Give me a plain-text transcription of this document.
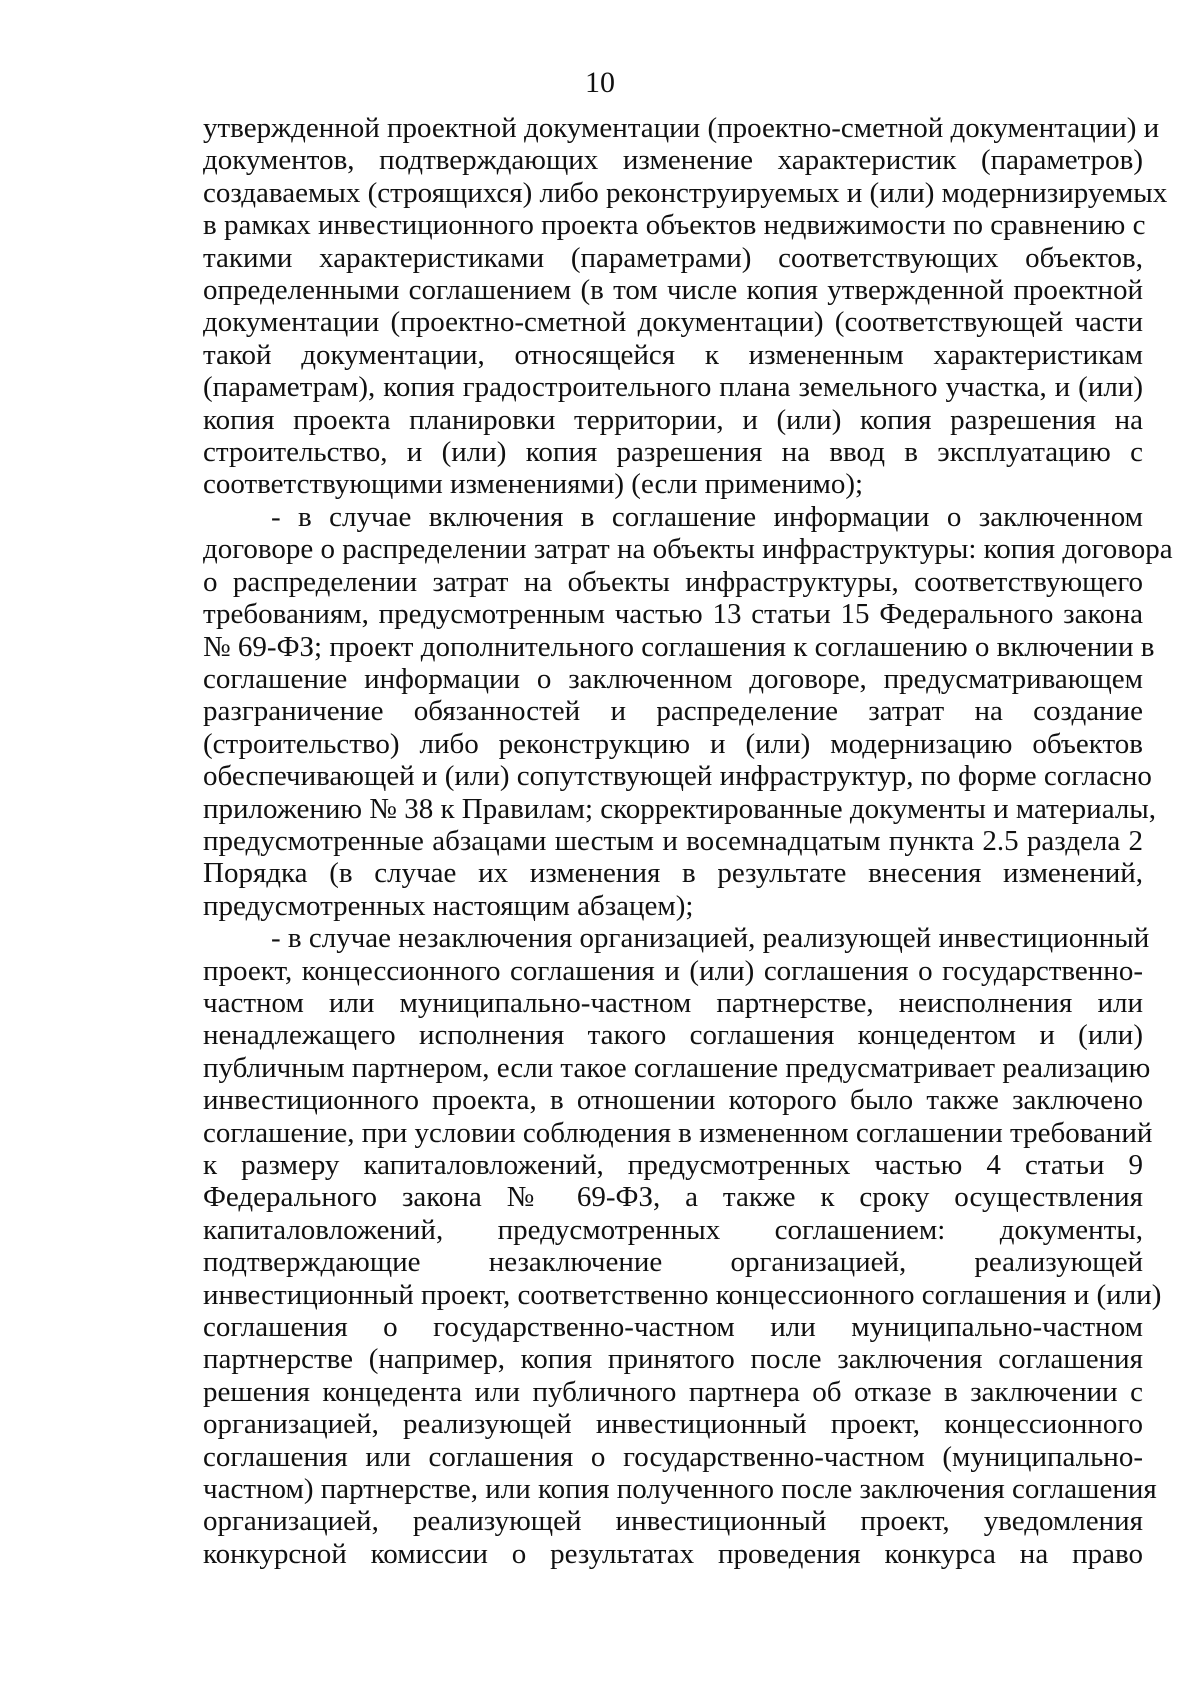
10
утвержденной проектной документации (проектно-сметной документации) и
документов, подтверждающих изменение характеристик (параметров)
создаваемых (строящихся) либо реконструируемых и (или) модернизируемых
в рамках инвестиционного проекта объектов недвижимости по сравнению с
такими характеристиками (параметрами) соответствующих объектов,
определенными соглашением (в том числе копия утвержденной проектной
документации (проектно-сметной документации) (соответствующей части
такой документации, относящейся к измененным характеристикам
(параметрам), копия градостроительного плана земельного участка, и (или)
копия проекта планировки территории, и (или) копия разрешения на
строительство, и (или) копия разрешения на ввод в эксплуатацию с
соответствующими изменениями) (если применимо);
- в случае включения в соглашение информации о заключенном
договоре о распределении затрат на объекты инфраструктуры: копия договора
о распределении затрат на объекты инфраструктуры, соответствующего
требованиям, предусмотренным частью 13 статьи 15 Федерального закона
№ 69-ФЗ; проект дополнительного соглашения к соглашению о включении в
соглашение информации о заключенном договоре, предусматривающем
разграничение обязанностей и распределение затрат на создание
(строительство) либо реконструкцию и (или) модернизацию объектов
обеспечивающей и (или) сопутствующей инфраструктур, по форме согласно
приложению № 38 к Правилам; скорректированные документы и материалы,
предусмотренные абзацами шестым и восемнадцатым пункта 2.5 раздела 2
Порядка (в случае их изменения в результате внесения изменений,
предусмотренных настоящим абзацем);
- в случае незаключения организацией, реализующей инвестиционный
проект, концессионного соглашения и (или) соглашения о государственно-
частном или муниципально-частном партнерстве, неисполнения или
ненадлежащего исполнения такого соглашения концедентом и (или)
публичным партнером, если такое соглашение предусматривает реализацию
инвестиционного проекта, в отношении которого было также заключено
соглашение, при условии соблюдения в измененном соглашении требований
к размеру капиталовложений, предусмотренных частью 4 статьи 9
Федерального закона № 69-ФЗ, а также к сроку осуществления
капиталовложений, предусмотренных соглашением: документы,
подтверждающие незаключение организацией, реализующей
инвестиционный проект, соответственно концессионного соглашения и (или)
соглашения о государственно-частном или муниципально-частном
партнерстве (например, копия принятого после заключения соглашения
решения концедента или публичного партнера об отказе в заключении с
организацией, реализующей инвестиционный проект, концессионного
соглашения или соглашения о государственно-частном (муниципально-
частном) партнерстве, или копия полученного после заключения соглашения
организацией, реализующей инвестиционный проект, уведомления
конкурсной комиссии о результатах проведения конкурса на право
